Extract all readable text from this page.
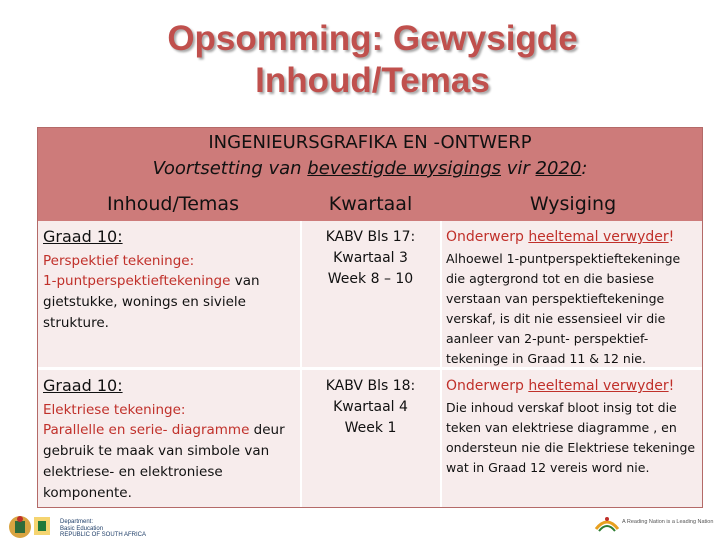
Opsomming: Gewysigde
Inhoud/Temas
INGENIEURSGRAFIKA EN -ONTWERP
Voortsetting van bevestigde wysigings vir 2020:
Inhoud/Temas	Kwartaal	Wysiging
Graad 10:
Perspektief tekeninge:
1-puntperspektieftekeninge van gietstukke, wonings en siviele strukture.
KABV Bls 17:
Kwartaal 3
Week 8 – 10
Onderwerp heeltemal verwyder!
Alhoewel 1-puntperspektieftekeninge die agtergrond tot en die basiese verstaan van perspektieftekeninge verskaf, is dit nie essensieel vir die aanleer van 2-punt- perspektief- tekeninge in Graad 11 & 12 nie.
Graad 10:
Elektriese tekeninge:
Parallelle en serie- diagramme deur gebruik te maak van simbole van elektriese- en elektroniese komponente.
KABV Bls 18:
Kwartaal 4
Week 1
Onderwerp heeltemal verwyder!
Die inhoud verskaf bloot insig tot die teken van elektriese diagramme , en ondersteun nie die Elektriese tekeninge wat in Graad 12 vereis word nie.
Department:
Basic Education
REPUBLIC OF SOUTH AFRICA
A Reading Nation is a Leading Nation
